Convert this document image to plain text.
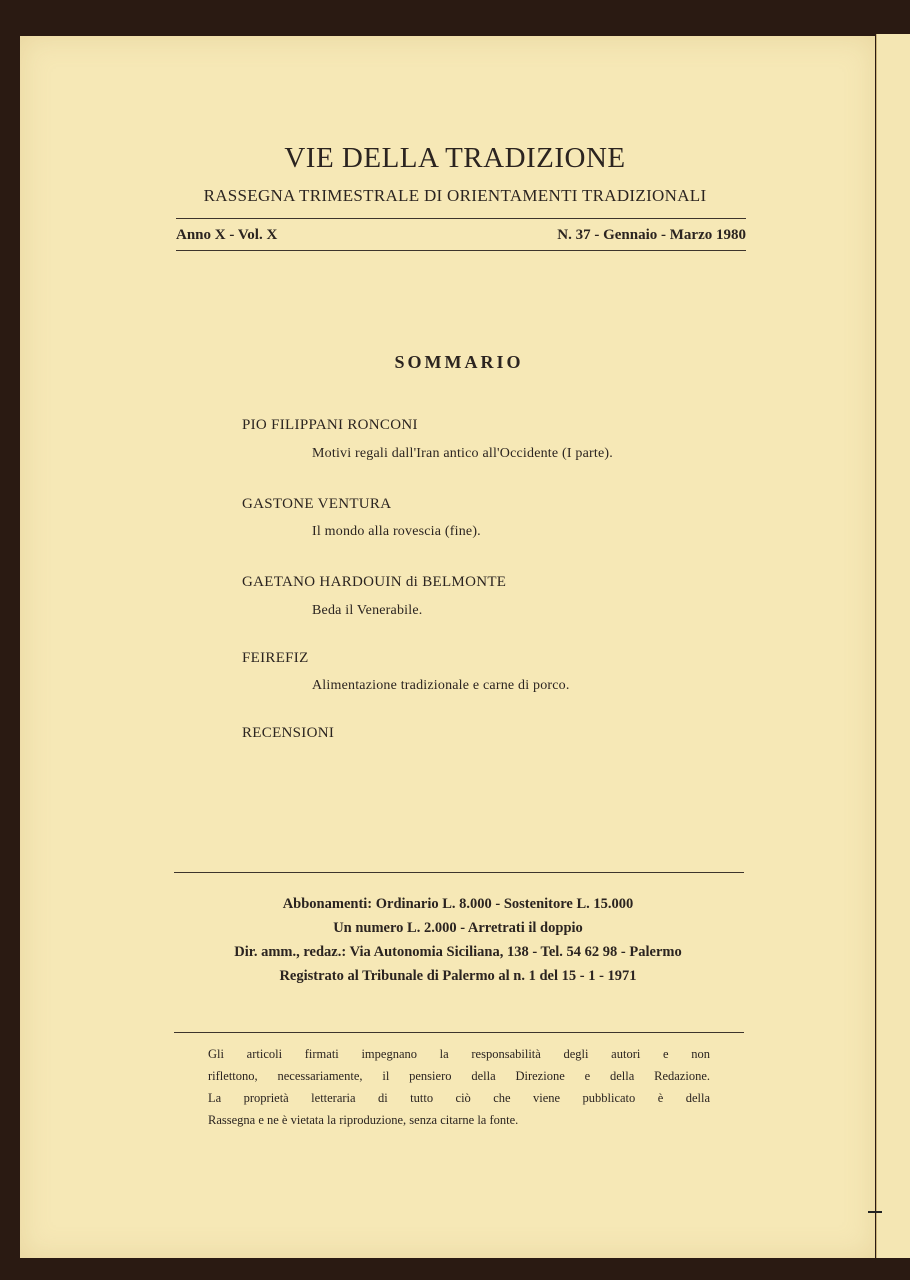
VIE DELLA TRADIZIONE
RASSEGNA TRIMESTRALE DI ORIENTAMENTI TRADIZIONALI
Anno X - Vol. X	N. 37 - Gennaio - Marzo 1980
SOMMARIO
PIO FILIPPANI RONCONI
Motivi regali dall'Iran antico all'Occidente (I parte).
GASTONE VENTURA
Il mondo alla rovescia (fine).
GAETANO HARDOUIN di BELMONTE
Beda il Venerabile.
FEIREFIZ
Alimentazione tradizionale e carne di porco.
RECENSIONI
Abbonamenti: Ordinario L. 8.000 - Sostenitore L. 15.000
Un numero L. 2.000 - Arretrati il doppio
Dir. amm., redaz.: Via Autonomia Siciliana, 138 - Tel. 54 62 98 - Palermo
Registrato al Tribunale di Palermo al n. 1 del 15 - 1 - 1971
Gli articoli firmati impegnano la responsabilità degli autori e non
riflettono, necessariamente, il pensiero della Direzione e della Redazione.
La proprietà letteraria di tutto ciò che viene pubblicato è della
Rassegna e ne è vietata la riproduzione, senza citarne la fonte.
